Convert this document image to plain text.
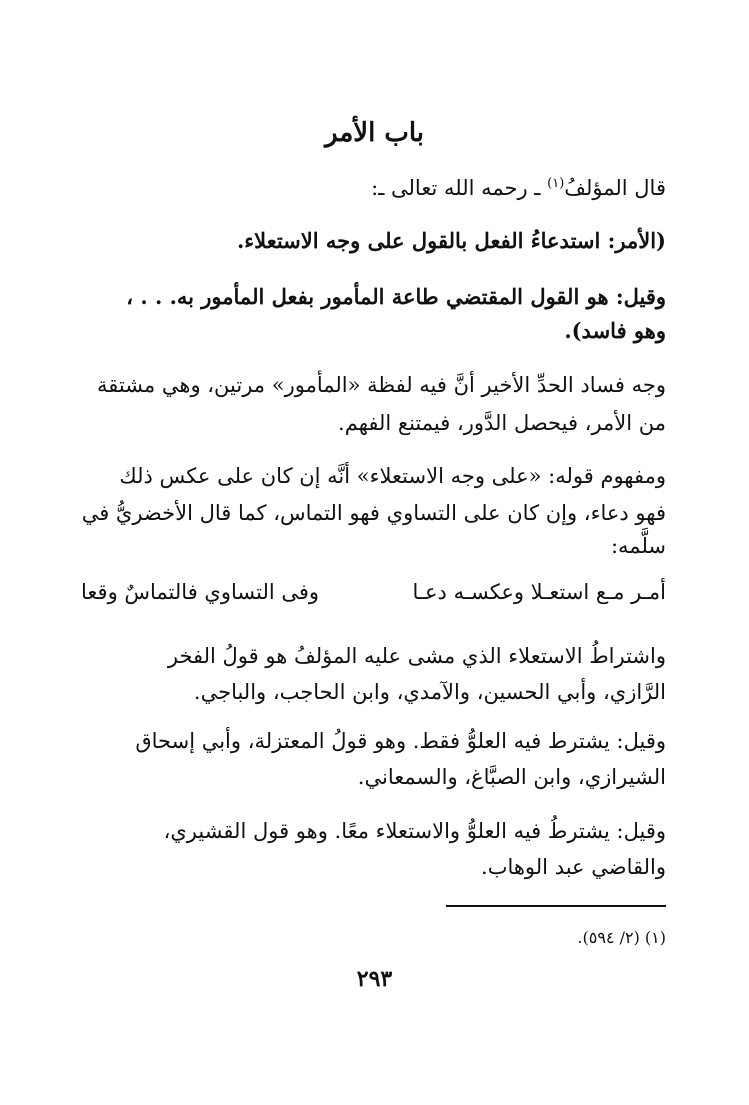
باب الأمر
قال المؤلفُ$^{(١)}$ ـ رحمه الله تعالى ـ:
(الأمر: استدعاءُ الفعل بالقول على وجه الاستعلاء.
وقيل: هو القول المقتضي طاعة المأمور بفعل المأمور به. . . ،
وهو فاسد).
وجه فساد الحدِّ الأخير أنَّ فيه لفظة «المأمور» مرتين، وهي مشتقة
من الأمر، فيحصل الدَّور، فيمتنع الفهم.
ومفهوم قوله: «على وجه الاستعلاء» أنَّه إن كان على عكس ذلك
فهو دعاء، وإن كان على التساوي فهو التماس، كما قال الأخضريُّ في
سلَّمه:
أمـر مـع استعـلا وعكسـه دعـا
وفى التساوي فالتماسٌ وقعا
واشتراطُ الاستعلاء الذي مشى عليه المؤلفُ هو قولُ الفخر
الرَّازي، وأبي الحسين، والآمدي، وابن الحاجب، والباجي.
وقيل: يشترط فيه العلوُّ فقط. وهو قولُ المعتزلة، وأبي إسحاق
الشيرازي، وابن الصبَّاغ، والسمعاني.
وقيل: يشترطُ فيه العلوُّ والاستعلاء معًا. وهو قول القشيري،
والقاضي عبد الوهاب.
(١) (٢/ ٥٩٤).
٢٩٣
